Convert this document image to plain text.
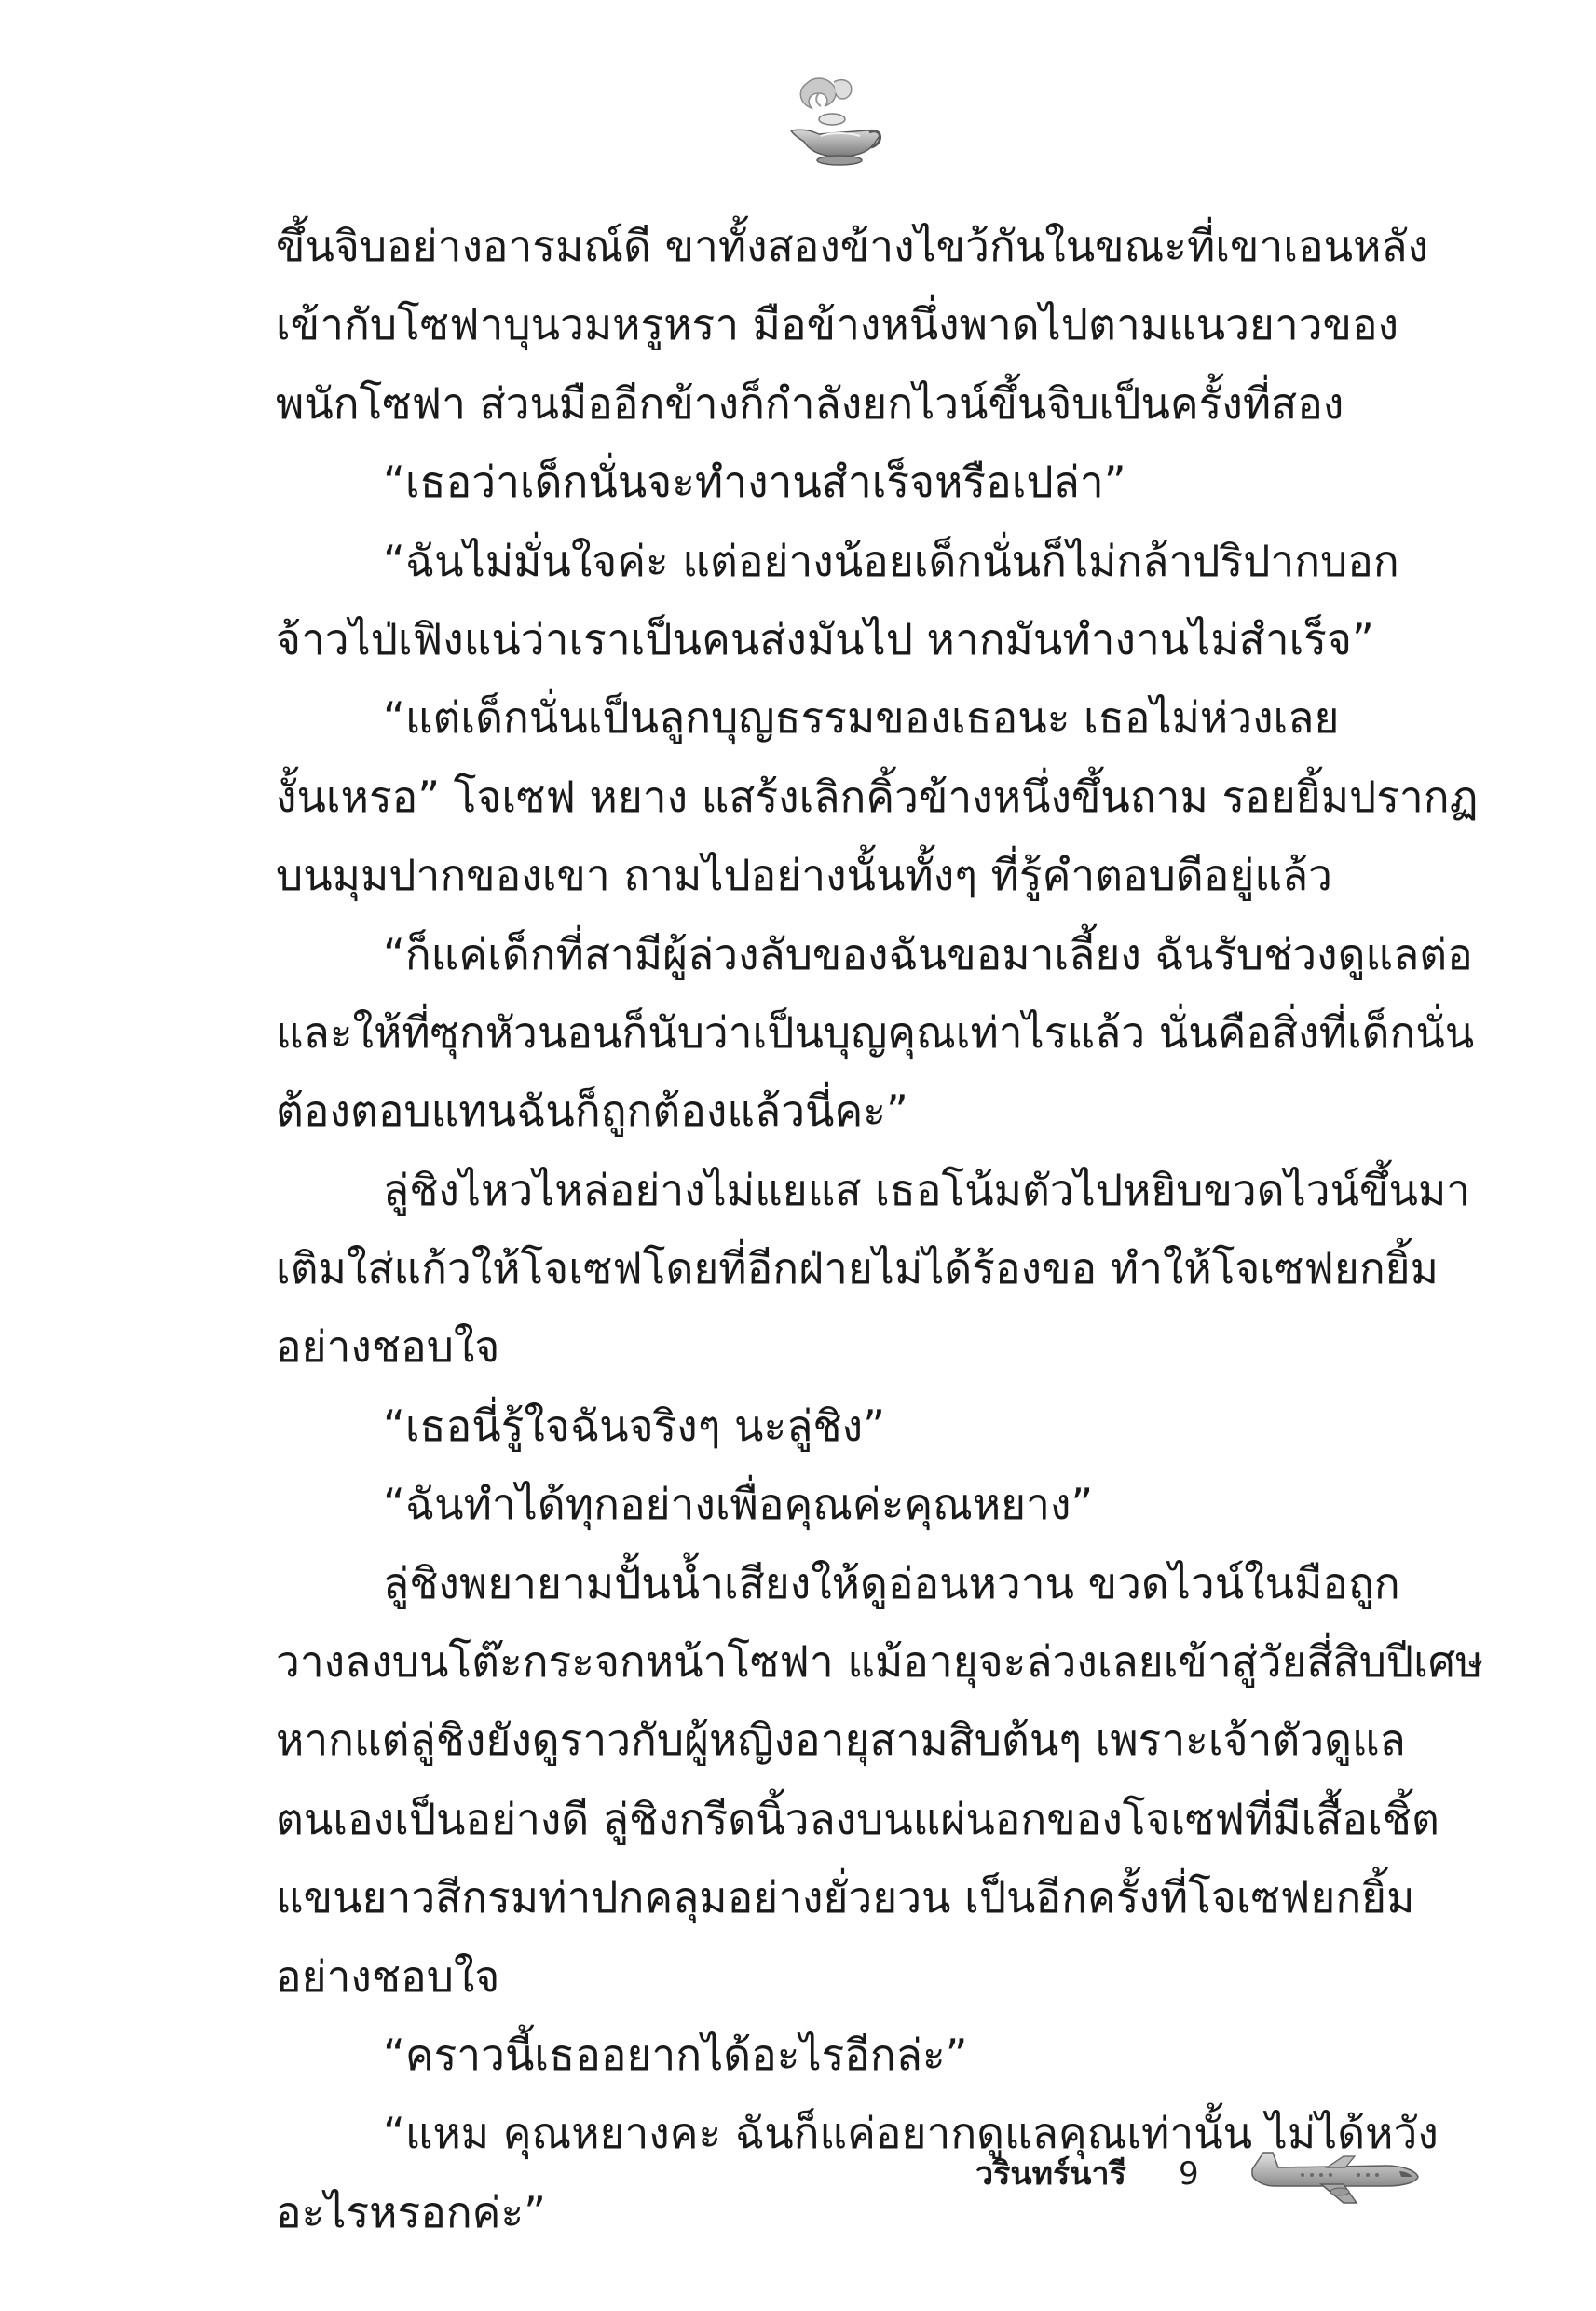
ขึ้นจิบอย่างอารมณ์ดี ขาทั้งสองข้างไขว้กันในขณะที่เขาเอนหลัง
เข้ากับโซฟาบุนวมหรูหรา มือข้างหนึ่งพาดไปตามแนวยาวของ
พนักโซฟา ส่วนมืออีกข้างก็กำลังยกไวน์ขึ้นจิบเป็นครั้งที่สอง
“เธอว่าเด็กนั่นจะทำงานสำเร็จหรือเปล่า”
“ฉันไม่มั่นใจค่ะ แต่อย่างน้อยเด็กนั่นก็ไม่กล้าปริปากบอก
จ้าวไป่เฟิงแน่ว่าเราเป็นคนส่งมันไป หากมันทำงานไม่สำเร็จ”
“แต่เด็กนั่นเป็นลูกบุญธรรมของเธอนะ เธอไม่ห่วงเลย
งั้นเหรอ” โจเซฟ หยาง แสร้งเลิกคิ้วข้างหนึ่งขึ้นถาม รอยยิ้มปรากฏ
บนมุมปากของเขา ถามไปอย่างนั้นทั้งๆ ที่รู้คำตอบดีอยู่แล้ว
“ก็แค่เด็กที่สามีผู้ล่วงลับของฉันขอมาเลี้ยง ฉันรับช่วงดูแลต่อ
และให้ที่ซุกหัวนอนก็นับว่าเป็นบุญคุณเท่าไรแล้ว นั่นคือสิ่งที่เด็กนั่น
ต้องตอบแทนฉันก็ถูกต้องแล้วนี่คะ”
ลู่ชิงไหวไหล่อย่างไม่แยแส เธอโน้มตัวไปหยิบขวดไวน์ขึ้นมา
เติมใส่แก้วให้โจเซฟโดยที่อีกฝ่ายไม่ได้ร้องขอ ทำให้โจเซฟยกยิ้ม
อย่างชอบใจ
“เธอนี่รู้ใจฉันจริงๆ นะลู่ชิง”
“ฉันทำได้ทุกอย่างเพื่อคุณค่ะคุณหยาง”
ลู่ชิงพยายามปั้นน้ำเสียงให้ดูอ่อนหวาน ขวดไวน์ในมือถูก
วางลงบนโต๊ะกระจกหน้าโซฟา แม้อายุจะล่วงเลยเข้าสู่วัยสี่สิบปีเศษ
หากแต่ลู่ชิงยังดูราวกับผู้หญิงอายุสามสิบต้นๆ เพราะเจ้าตัวดูแล
ตนเองเป็นอย่างดี ลู่ชิงกรีดนิ้วลงบนแผ่นอกของโจเซฟที่มีเสื้อเชิ้ต
แขนยาวสีกรมท่าปกคลุมอย่างยั่วยวน เป็นอีกครั้งที่โจเซฟยกยิ้ม
อย่างชอบใจ
“คราวนี้เธออยากได้อะไรอีกล่ะ”
“แหม คุณหยางคะ ฉันก็แค่อยากดูแลคุณเท่านั้น ไม่ได้หวัง
อะไรหรอกค่ะ”
วรินทร์นารี 9
